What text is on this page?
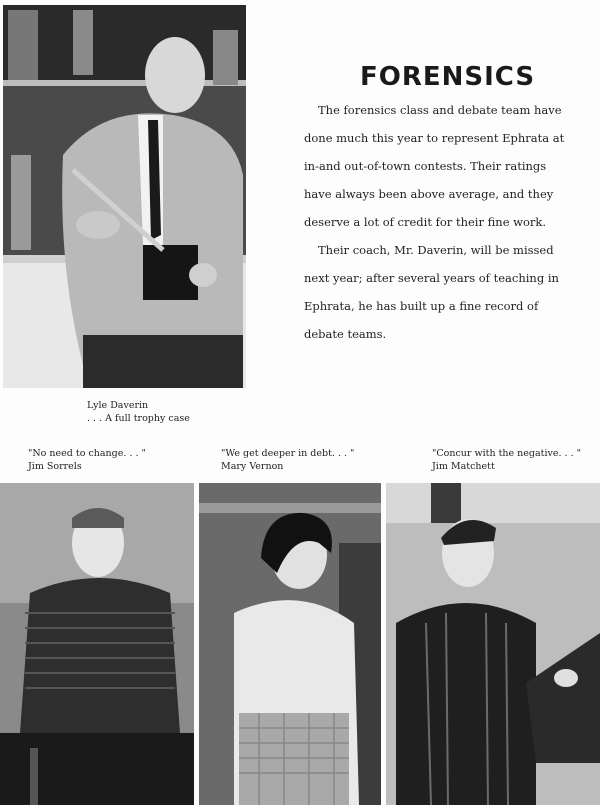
FORENSICS

The forensics class and debate team have done much this year to represent Ephrata at in-and out-of-town contests. Their ratings have always been above average, and they deserve a lot of credit for their fine work.

Their coach, Mr. Daverin, will be missed next year; after several years of teaching in Ephrata, he has built up a fine record of debate teams.

Lyle Daverin
. . . A full trophy case
"No need to change. . . "
Jim Sorrels
"We get deeper in debt. . . "
Mary Vernon
"Concur with the negative. . . "
Jim Matchett
